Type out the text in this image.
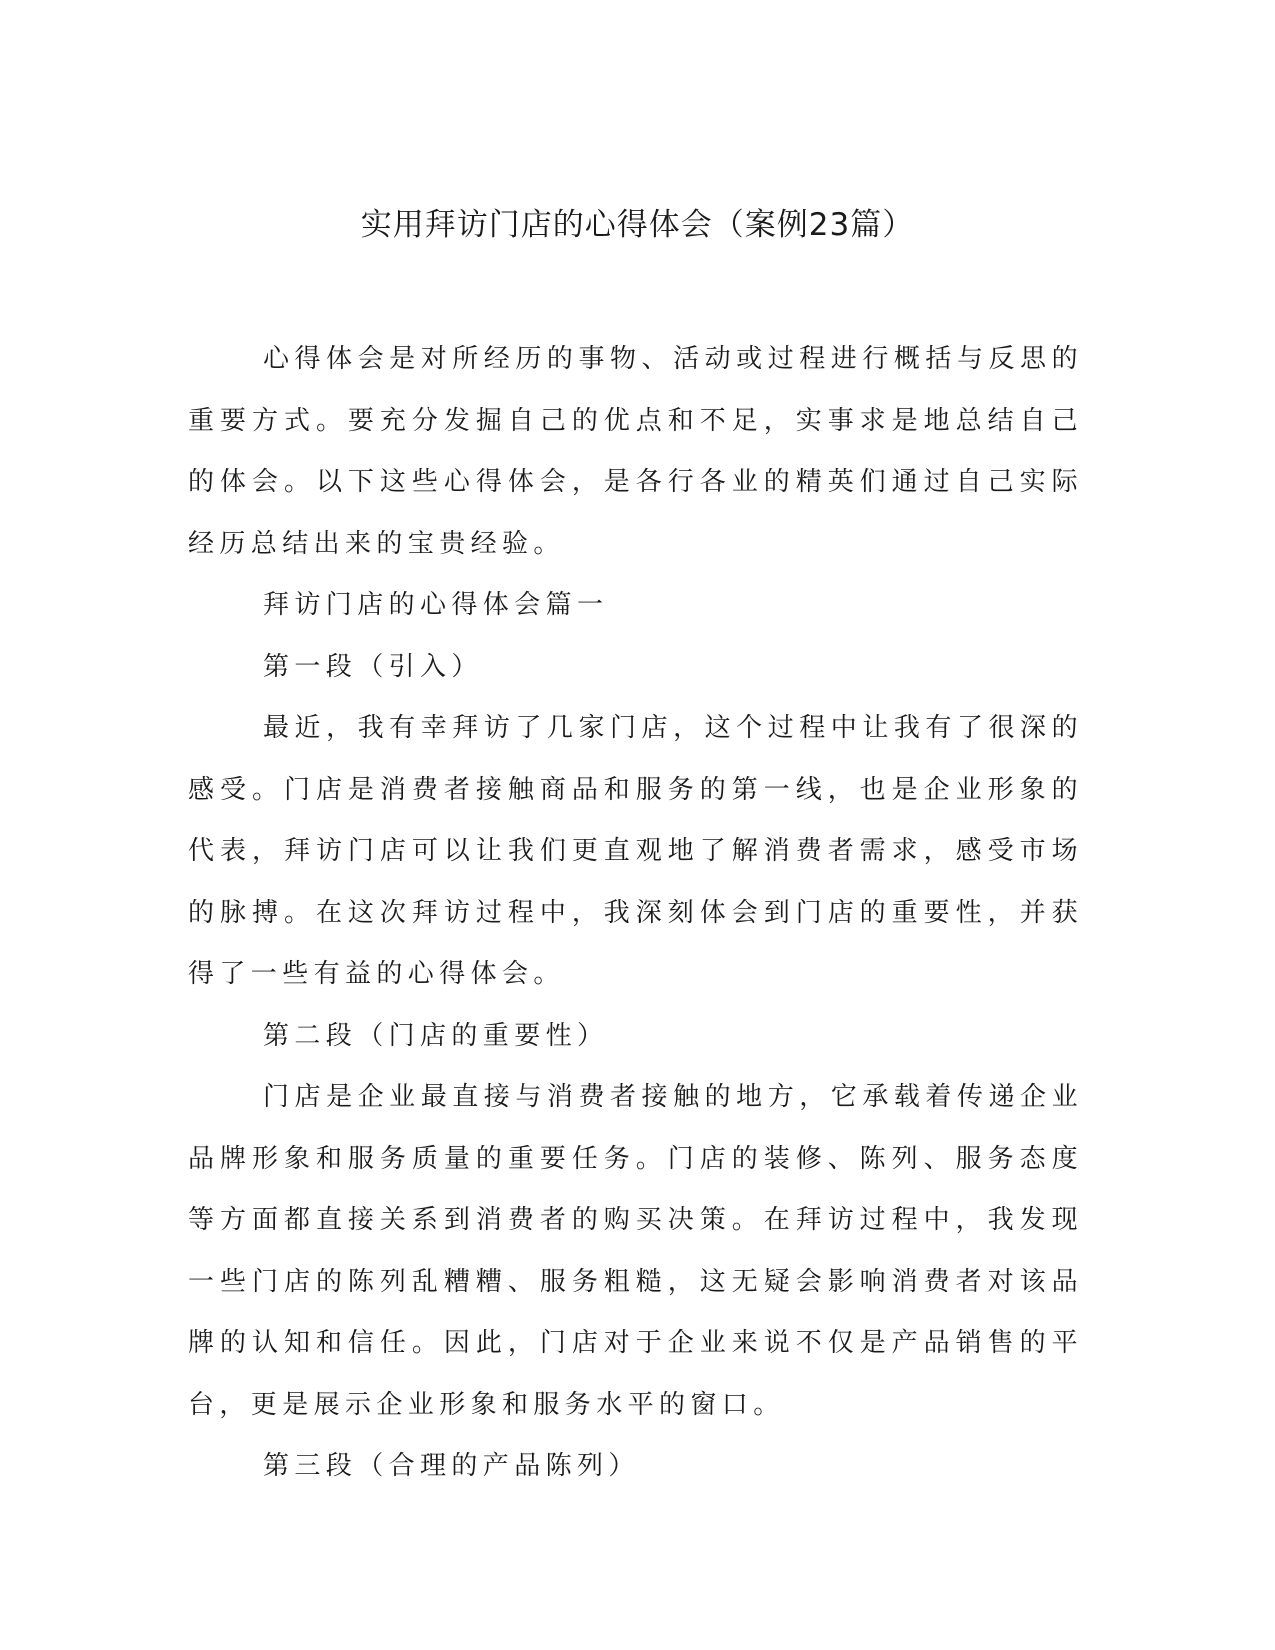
实用拜访门店的心得体会（案例23篇）

心得体会是对所经历的事物、活动或过程进行概括与反思的重要方式。要充分发掘自己的优点和不足，实事求是地总结自己的体会。以下这些心得体会，是各行各业的精英们通过自己实际经历总结出来的宝贵经验。

拜访门店的心得体会篇一

第一段（引入）

最近，我有幸拜访了几家门店，这个过程中让我有了很深的感受。门店是消费者接触商品和服务的第一线，也是企业形象的代表，拜访门店可以让我们更直观地了解消费者需求，感受市场的脉搏。在这次拜访过程中，我深刻体会到门店的重要性，并获得了一些有益的心得体会。

第二段（门店的重要性）

门店是企业最直接与消费者接触的地方，它承载着传递企业品牌形象和服务质量的重要任务。门店的装修、陈列、服务态度等方面都直接关系到消费者的购买决策。在拜访过程中，我发现一些门店的陈列乱糟糟、服务粗糙，这无疑会影响消费者对该品牌的认知和信任。因此，门店对于企业来说不仅是产品销售的平台，更是展示企业形象和服务水平的窗口。

第三段（合理的产品陈列）
